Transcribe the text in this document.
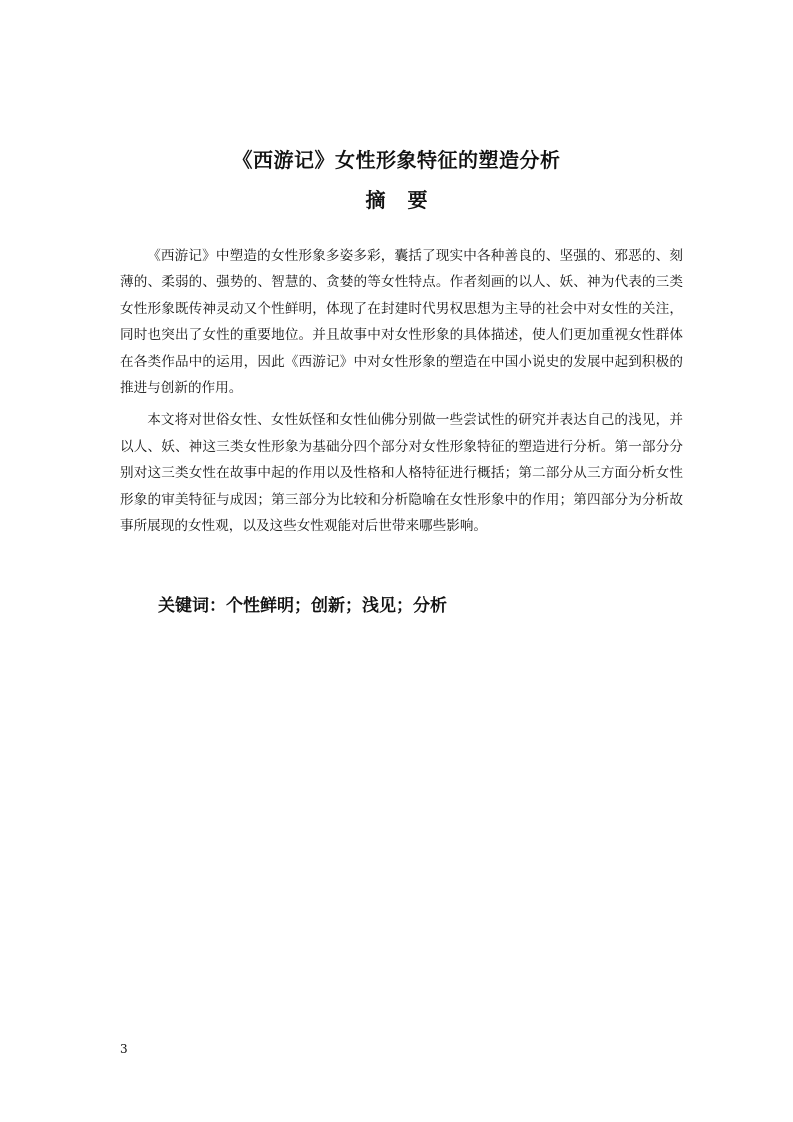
《西游记》女性形象特征的塑造分析
摘 要

《西游记》中塑造的女性形象多姿多彩，囊括了现实中各种善良的、坚强的、邪恶的、刻薄的、柔弱的、强势的、智慧的、贪婪的等女性特点。作者刻画的以人、妖、神为代表的三类女性形象既传神灵动又个性鲜明，体现了在封建时代男权思想为主导的社会中对女性的关注，同时也突出了女性的重要地位。并且故事中对女性形象的具体描述，使人们更加重视女性群体在各类作品中的运用，因此《西游记》中对女性形象的塑造在中国小说史的发展中起到积极的推进与创新的作用。

本文将对世俗女性、女性妖怪和女性仙佛分别做一些尝试性的研究并表达自己的浅见，并以人、妖、神这三类女性形象为基础分四个部分对女性形象特征的塑造进行分析。第一部分分别对这三类女性在故事中起的作用以及性格和人格特征进行概括；第二部分从三方面分析女性形象的审美特征与成因；第三部分为比较和分析隐喻在女性形象中的作用；第四部分为分析故事所展现的女性观，以及这些女性观能对后世带来哪些影响。

关键词：个性鲜明；创新；浅见；分析

3
